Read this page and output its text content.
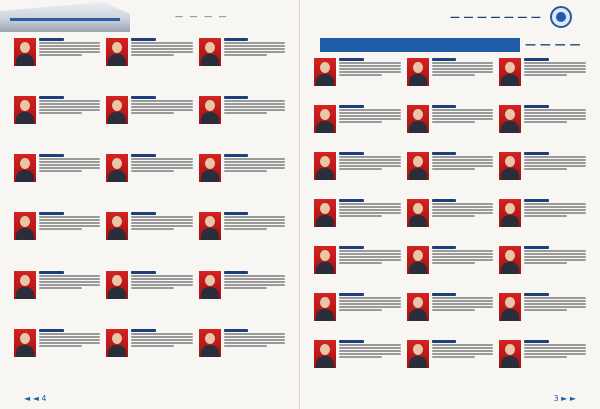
— — — —
◄ ◄ 4
— — — — — — —
— — — —
— — — —
3 ► ►
